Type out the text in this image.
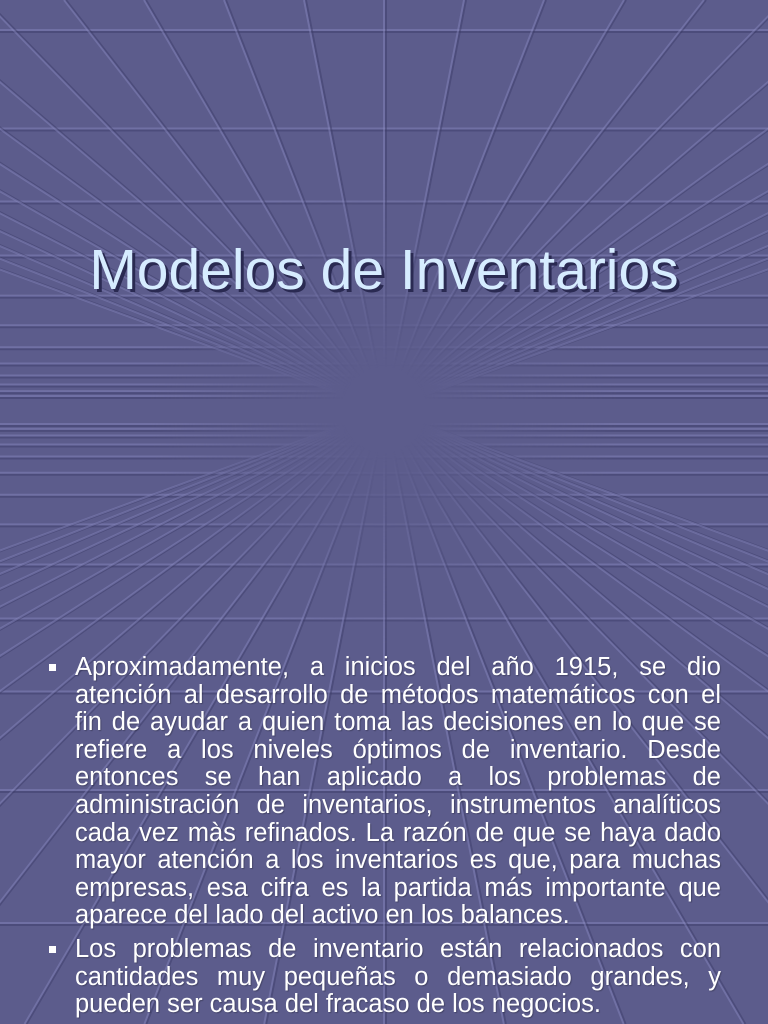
Modelos de Inventarios
Aproximadamente, a inicios del año 1915, se dio
atención al desarrollo de métodos matemáticos con el
fin de ayudar a quien toma las decisiones en lo que se
refiere a los niveles óptimos de inventario. Desde
entonces se han aplicado a los problemas de
administración de inventarios, instrumentos analíticos
cada vez màs refinados. La razón de que se haya dado
mayor atención a los inventarios es que, para muchas
empresas, esa cifra es la partida más importante que
aparece del lado del activo en los balances.
Los problemas de inventario están relacionados con
cantidades muy pequeñas o demasiado grandes, y
pueden ser causa del fracaso de los negocios.
